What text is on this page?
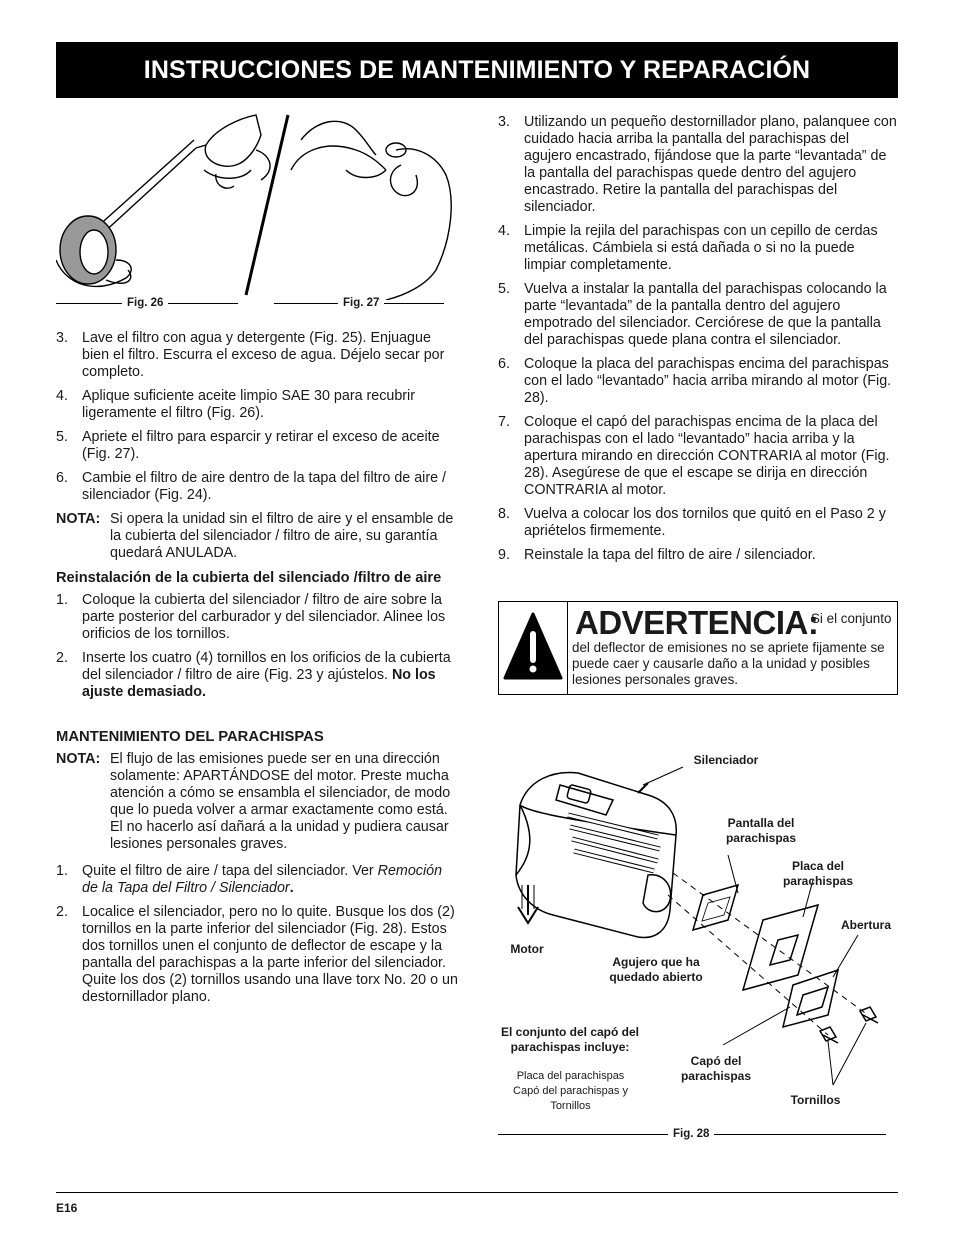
INSTRUCCIONES DE MANTENIMIENTO Y REPARACIÓN
Fig. 26	Fig. 27
3. Lave el filtro con agua y detergente (Fig. 25). Enjuague bien el filtro. Escurra el exceso de agua. Déjelo secar por completo.
4. Aplique suficiente aceite limpio SAE 30 para recubrir ligeramente el filtro (Fig. 26).
5. Apriete el filtro para esparcir y retirar el exceso de aceite (Fig. 27).
6. Cambie el filtro de aire dentro de la tapa del filtro de aire / silenciador (Fig. 24).
NOTA: Si opera la unidad sin el filtro de aire y el ensamble de la cubierta del silenciador / filtro de aire, su garantía quedará ANULADA.
Reinstalación de la cubierta del silenciado /filtro de aire
1. Coloque la cubierta del silenciador / filtro de aire sobre la parte posterior del carburador y del silenciador. Alinee los orificios de los tornillos.
2. Inserte los cuatro (4) tornillos en los orificios de la cubierta del silenciador / filtro de aire (Fig. 23 y ajústelos. No los ajuste demasiado.
MANTENIMIENTO DEL PARACHISPAS
NOTA: El flujo de las emisiones puede ser en una dirección solamente: APARTÁNDOSE del motor. Preste mucha atención a cómo se ensambla el silenciador, de modo que lo pueda volver a armar exactamente como está. El no hacerlo así dañará a la unidad y pudiera causar lesiones personales graves.
1. Quite el filtro de aire / tapa del silenciador. Ver Remoción de la Tapa del Filtro / Silenciador.
2. Localice el silenciador, pero no lo quite. Busque los dos (2) tornillos en la parte inferior del silenciador (Fig. 28). Estos dos tornillos unen el conjunto de deflector de escape y la pantalla del parachispas a la parte inferior del silenciador. Quite los dos (2) tornillos usando una llave torx No. 20 o un destornillador plano.
3. Utilizando un pequeño destornillador plano, palanquee con cuidado hacia arriba la pantalla del parachispas del agujero encastrado, fijándose que la parte “levantada” de la pantalla del parachispas quede dentro del agujero encastrado. Retire la pantalla del parachispas del silenciador.
4. Limpie la rejila del parachispas con un cepillo de cerdas metálicas. Cámbiela si está dañada o si no la puede limpiar completamente.
5. Vuelva a instalar la pantalla del parachispas colocando la parte “levantada” de la pantalla dentro del agujero empotrado del silenciador. Cerciórese de que la pantalla del parachispas quede plana contra el silenciador.
6. Coloque la placa del parachispas encima del parachispas con el lado “levantado” hacia arriba mirando al motor (Fig. 28).
7. Coloque el capó del parachispas encima de la placa del parachispas con el lado “levantado” hacia arriba y la apertura mirando en dirección CONTRARIA al motor (Fig. 28). Asegúrese de que el escape se dirija en dirección CONTRARIA al motor.
8. Vuelva a colocar los dos tornilos que quitó en el Paso 2 y apriételos firmemente.
9. Reinstale la tapa del filtro de aire / silenciador.
ADVERTENCIA:
Si el conjunto
del deflector de emisiones no se apriete fijamente se puede caer y causarle daño a la unidad y posibles lesiones personales graves.
Silenciador
Pantalla del parachispas
Placa del parachispas
Abertura
Motor
Agujero que ha quedado abierto
El conjunto del capó del parachispas incluye:
Placa del parachispas Capó del parachispas y Tornillos
Capó del parachispas
Tornillos
Fig. 28
E16
